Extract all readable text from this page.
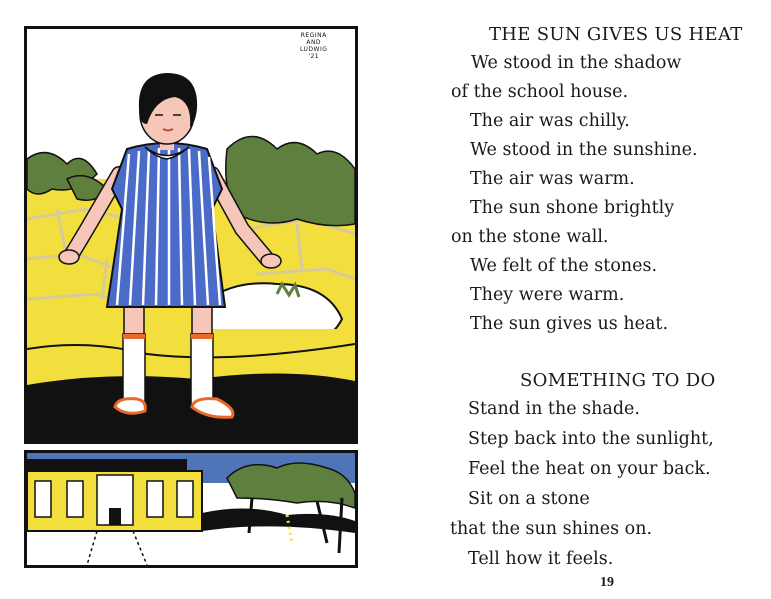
REGINA
AND
LUDWIG
'21
THE SUN GIVES US HEAT
We stood in the shadow
of the school house.
The air was chilly.
We stood in the sunshine.
The air was warm.
The sun shone brightly
on the stone wall.
We felt of the stones.
They were warm.
The sun gives us heat.
SOMETHING TO DO
Stand in the shade.
Step back into the sunlight,
Feel the heat on your back.
Sit on a stone
that the sun shines on.
Tell how it feels.
19
